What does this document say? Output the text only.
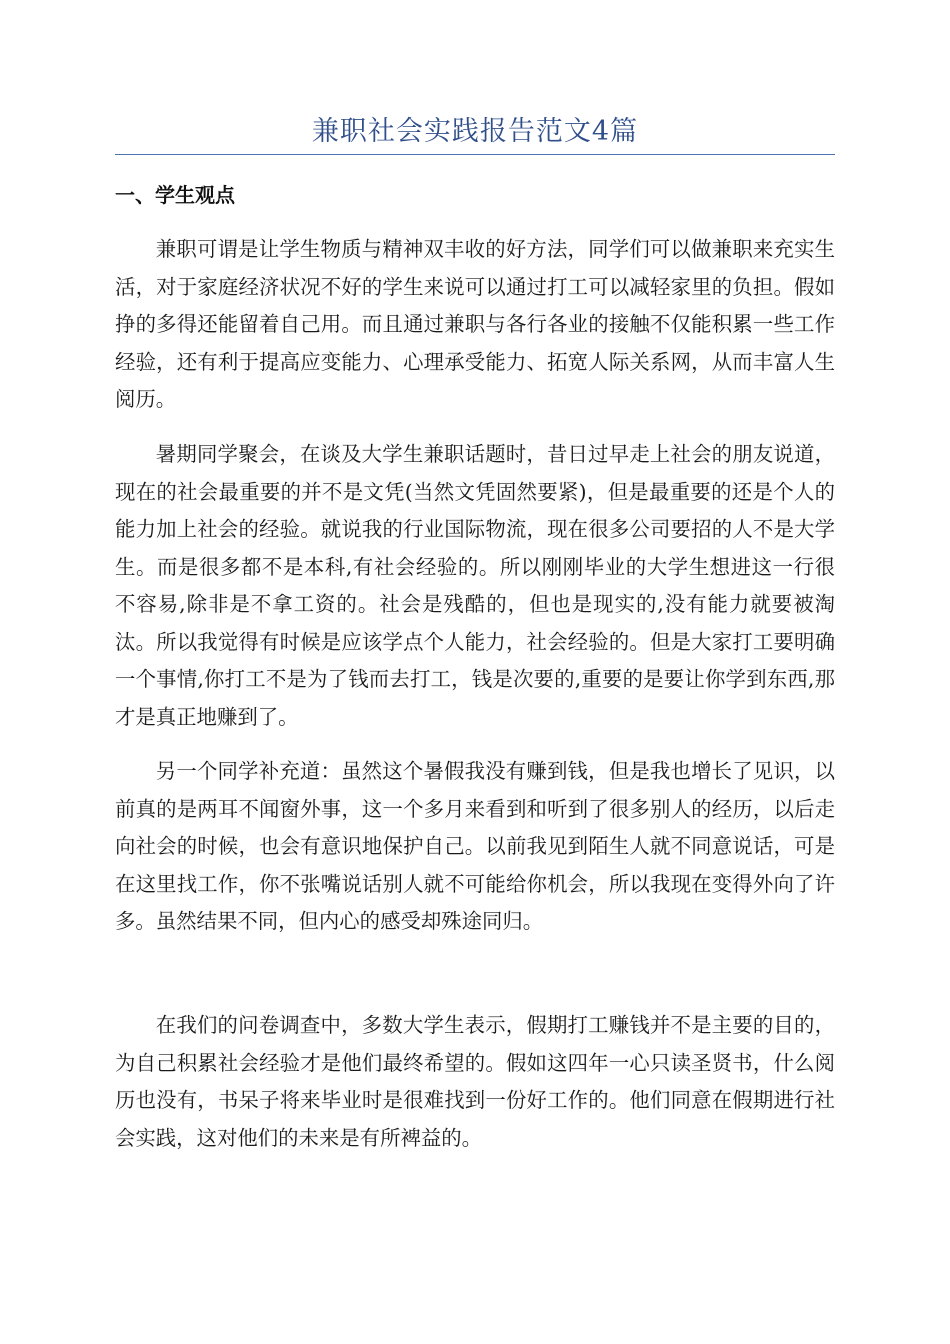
兼职社会实践报告范文4篇
一、学生观点

兼职可谓是让学生物质与精神双丰收的好方法，同学们可以做兼职来充实生活，对于家庭经济状况不好的学生来说可以通过打工可以减轻家里的负担。假如挣的多得还能留着自己用。而且通过兼职与各行各业的接触不仅能积累一些工作经验，还有利于提高应变能力、心理承受能力、拓宽人际关系网，从而丰富人生阅历。

暑期同学聚会，在谈及大学生兼职话题时，昔日过早走上社会的朋友说道，现在的社会最重要的并不是文凭(当然文凭固然要紧)，但是最重要的还是个人的能力加上社会的经验。就说我的行业国际物流，现在很多公司要招的人不是大学生。而是很多都不是本科,有社会经验的。所以刚刚毕业的大学生想进这一行很不容易,除非是不拿工资的。社会是残酷的，但也是现实的,没有能力就要被淘汰。所以我觉得有时候是应该学点个人能力，社会经验的。但是大家打工要明确一个事情,你打工不是为了钱而去打工，钱是次要的,重要的是要让你学到东西,那才是真正地赚到了。

另一个同学补充道：虽然这个暑假我没有赚到钱，但是我也增长了见识，以前真的是两耳不闻窗外事，这一个多月来看到和听到了很多别人的经历，以后走向社会的时候，也会有意识地保护自己。以前我见到陌生人就不同意说话，可是在这里找工作，你不张嘴说话别人就不可能给你机会，所以我现在变得外向了许多。虽然结果不同，但内心的感受却殊途同归。

在我们的问卷调查中，多数大学生表示，假期打工赚钱并不是主要的目的，为自己积累社会经验才是他们最终希望的。假如这四年一心只读圣贤书，什么阅历也没有，书呆子将来毕业时是很难找到一份好工作的。他们同意在假期进行社会实践，这对他们的未来是有所裨益的。
